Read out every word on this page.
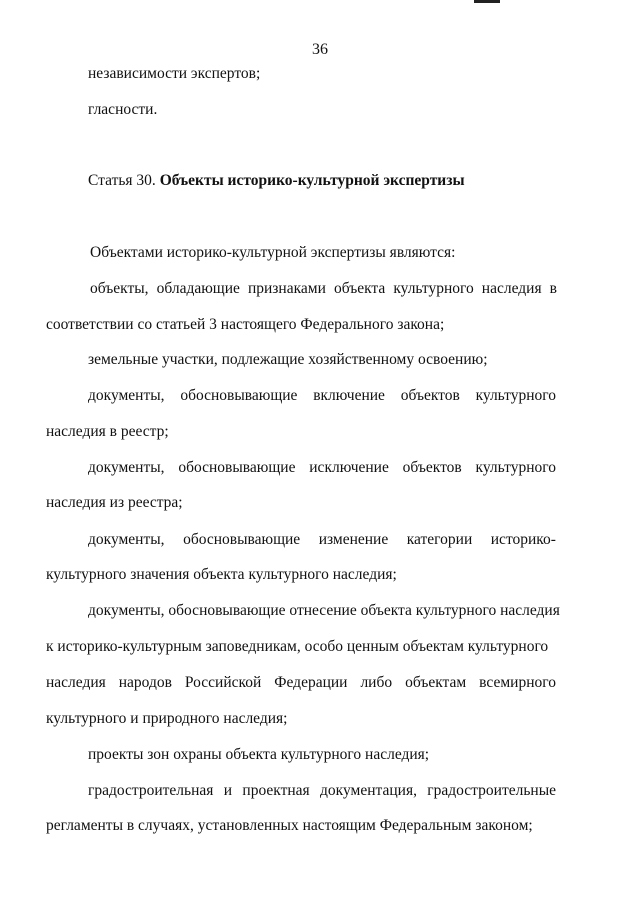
36
независимости экспертов;
гласности.
Статья 30. Объекты историко-культурной экспертизы
Объектами историко-культурной экспертизы являются:
объекты, обладающие признаками объекта культурного наследия в
соответствии со статьей 3 настоящего Федерального закона;
земельные участки, подлежащие хозяйственному освоению;
документы, обосновывающие включение объектов культурного
наследия в реестр;
документы, обосновывающие исключение объектов культурного
наследия из реестра;
документы, обосновывающие изменение категории историко-
культурного значения объекта культурного наследия;
документы, обосновывающие отнесение объекта культурного наследия
к историко-культурным заповедникам, особо ценным объектам культурного
наследия народов Российской Федерации либо объектам всемирного
культурного и природного наследия;
проекты зон охраны объекта культурного наследия;
градостроительная и проектная документация, градостроительные
регламенты в случаях, установленных настоящим Федеральным законом;
